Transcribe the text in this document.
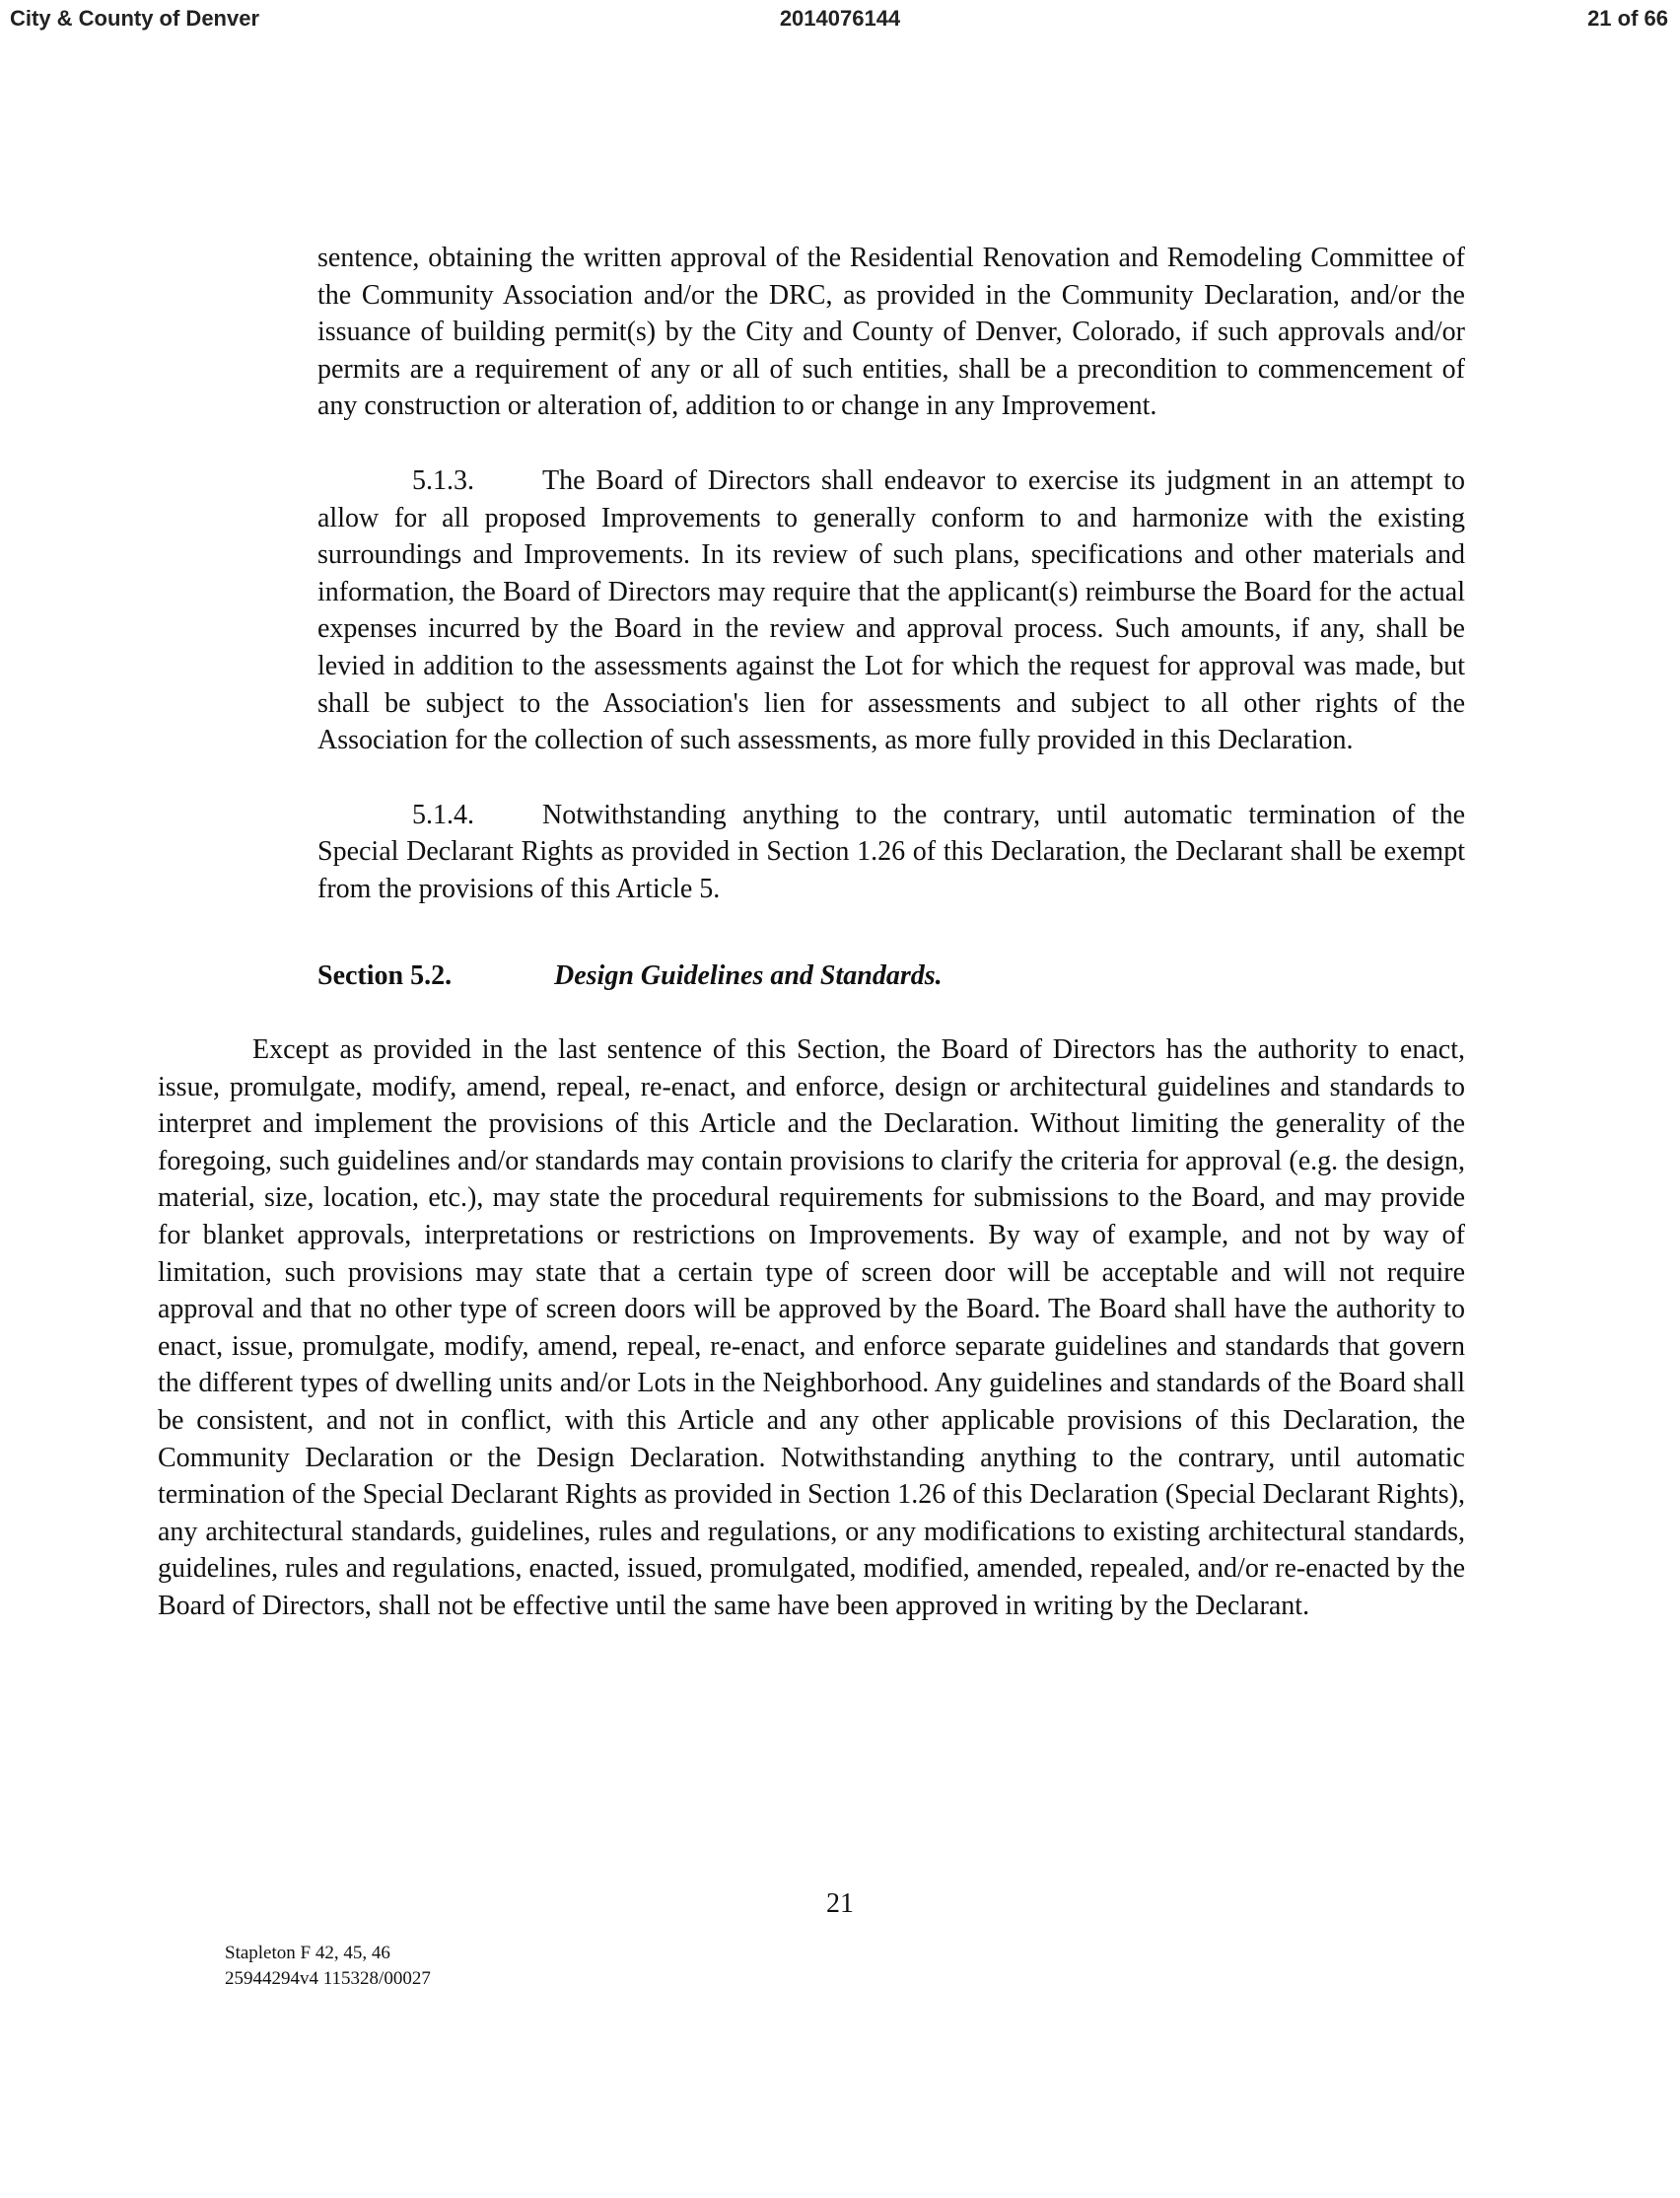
City & County of Denver	2014076144	21 of 66

sentence, obtaining the written approval of the Residential Renovation and Remodeling Committee of the Community Association and/or the DRC, as provided in the Community Declaration, and/or the issuance of building permit(s) by the City and County of Denver, Colorado, if such approvals and/or permits are a requirement of any or all of such entities, shall be a precondition to commencement of any construction or alteration of, addition to or change in any Improvement.

5.1.3. The Board of Directors shall endeavor to exercise its judgment in an attempt to allow for all proposed Improvements to generally conform to and harmonize with the existing surroundings and Improvements. In its review of such plans, specifications and other materials and information, the Board of Directors may require that the applicant(s) reimburse the Board for the actual expenses incurred by the Board in the review and approval process. Such amounts, if any, shall be levied in addition to the assessments against the Lot for which the request for approval was made, but shall be subject to the Association's lien for assessments and subject to all other rights of the Association for the collection of such assessments, as more fully provided in this Declaration.

5.1.4. Notwithstanding anything to the contrary, until automatic termination of the Special Declarant Rights as provided in Section 1.26 of this Declaration, the Declarant shall be exempt from the provisions of this Article 5.

Section 5.2.	Design Guidelines and Standards.

Except as provided in the last sentence of this Section, the Board of Directors has the authority to enact, issue, promulgate, modify, amend, repeal, re-enact, and enforce, design or architectural guidelines and standards to interpret and implement the provisions of this Article and the Declaration. Without limiting the generality of the foregoing, such guidelines and/or standards may contain provisions to clarify the criteria for approval (e.g. the design, material, size, location, etc.), may state the procedural requirements for submissions to the Board, and may provide for blanket approvals, interpretations or restrictions on Improvements. By way of example, and not by way of limitation, such provisions may state that a certain type of screen door will be acceptable and will not require approval and that no other type of screen doors will be approved by the Board. The Board shall have the authority to enact, issue, promulgate, modify, amend, repeal, re-enact, and enforce separate guidelines and standards that govern the different types of dwelling units and/or Lots in the Neighborhood. Any guidelines and standards of the Board shall be consistent, and not in conflict, with this Article and any other applicable provisions of this Declaration, the Community Declaration or the Design Declaration. Notwithstanding anything to the contrary, until automatic termination of the Special Declarant Rights as provided in Section 1.26 of this Declaration (Special Declarant Rights), any architectural standards, guidelines, rules and regulations, or any modifications to existing architectural standards, guidelines, rules and regulations, enacted, issued, promulgated, modified, amended, repealed, and/or re-enacted by the Board of Directors, shall not be effective until the same have been approved in writing by the Declarant.

21
Stapleton F 42, 45, 46
25944294v4 115328/00027
